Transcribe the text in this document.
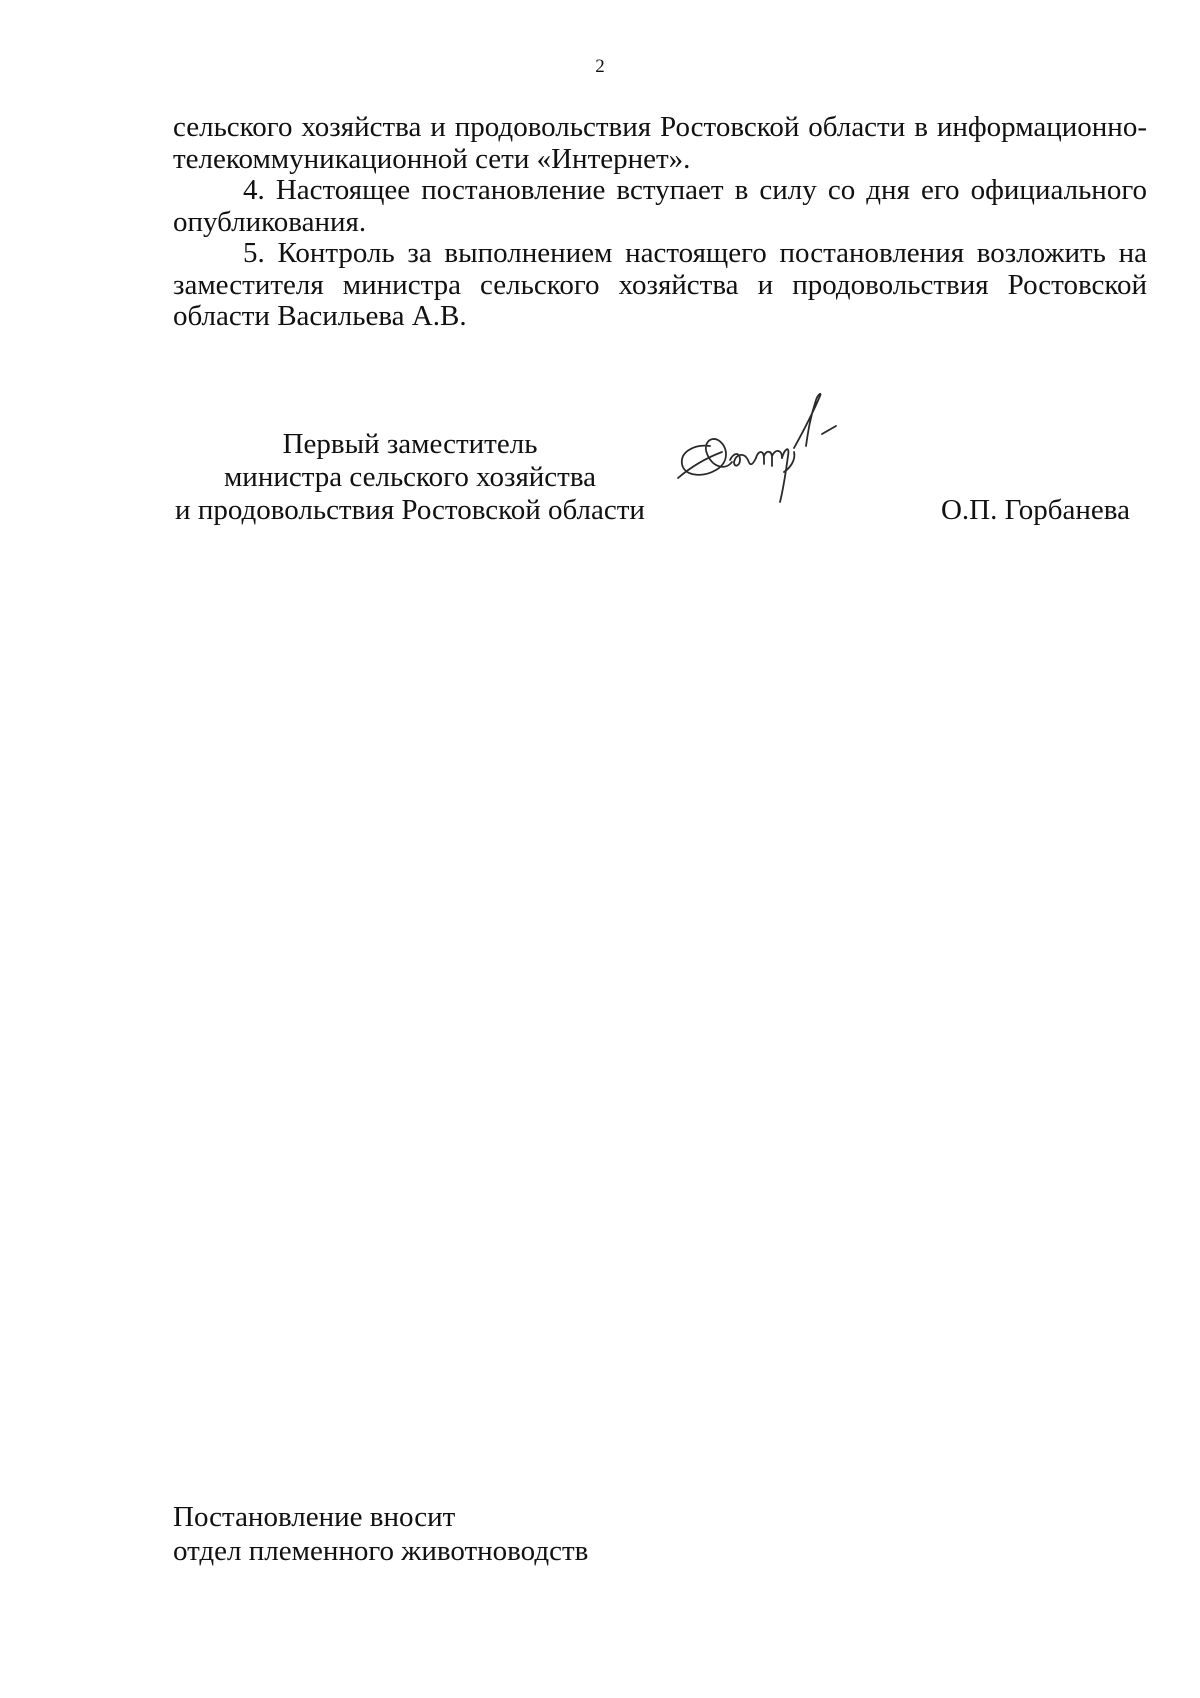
2

сельского хозяйства и продовольствия Ростовской области в информационно-телекоммуникационной сети «Интернет».

4. Настоящее постановление вступает в силу со дня его официального опубликования.

5. Контроль за выполнением настоящего постановления возложить на заместителя министра сельского хозяйства и продовольствия Ростовской области Васильева А.В.

Первый заместитель
министра сельского хозяйства
и продовольствия Ростовской области	О.П. Горбанева
Постановление вносит
отдел племенного животноводств
